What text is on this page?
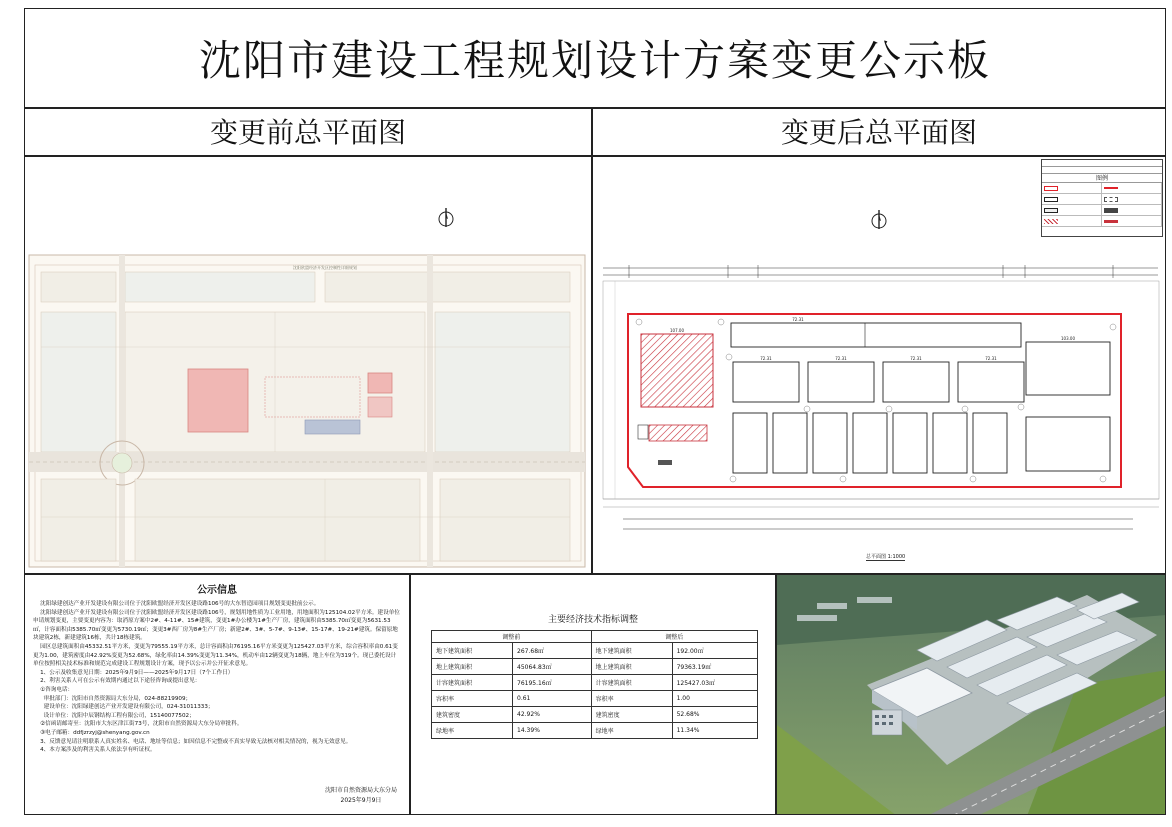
沈阳市建设工程规划设计方案变更公示板
变更前总平面图	变更后总平面图
沈阳欧盟经济开发区控制性详细规划
图例
107.00
72.31	72.31	72.31	72.31
72.31
103.00
总平面图 1:1000
公示信息

沈阳绿建创达产业开发建设有限公司位于沈阳欧盟经济开发区建设路106号的大东智造园项目规划变更批前公示。
沈阳绿建创达产业开发建设有限公司位于沈阳欧盟经济开发区建设路106号，规划用地性质为工业用地，用地面积为125104.02平方米。建设单位申请规划变更，主要变更内容为：取消原方案中2#、4-11#、15#建筑，变更1#办公楼为1#生产厂房，建筑面积由5385.70㎡变更为5631.53㎡，计容面积由5385.70㎡变更为5730.19㎡；变更3#西厂房为8#生产厂房；新建2#、3#、5-7#、9-13#、15-17#、19-21#建筑。保留原地块建筑2栋，新建建筑16栋，共计18栋建筑。
园区总建筑面积由45332.51平方米，变更为79555.19平方米，总计容面积由76195.16平方米变更为125427.03平方米，综合容积率由0.61变更为1.00，建筑密度由42.92%变更为52.68%，绿化率由14.39%变更为11.34%，机动车由12辆变更为18辆，地上车位为319个。现已委托设计单位按照相关技术标准和规范完成建设工程规划设计方案，现予以公示并公开征求意见。
1、公示及收集意见日期：2025年9月9日——2025年9月17日（7个工作日）
2、利害关系人可在公示有效期内通过以下途径咨询或提出意见：
①咨询电话：
审批部门：沈阳市自然资源局大东分局，024-88219909；
建设单位：沈阳绿建创达产业开发建设有限公司，024-31011333；
设计单位：沈阳中辰钢结构工程有限公司，15140077502；
②信函请邮寄至：沈阳市大东区津江街73号，沈阳市自然资源局大东分局审批科。
③电子邮箱：ddfjzrzyj@shenyang.gov.cn
3、反馈意见请注明联系人真实姓名、电话、地址等信息；如因信息不完整或不真实导致无法核对相关情况的，视为无效意见。
4、本方案涉及的利害关系人依法享有听证权。

沈阳市自然资源局大东分局
2025年9月9日
主要经济技术指标调整
调整前		调整后	
地下建筑面积	267.68㎡	地下建筑面积	192.00㎡
地上建筑面积	45064.83㎡	地上建筑面积	79363.19㎡
计容建筑面积	76195.16㎡	计容建筑面积	125427.03㎡
容积率	0.61	容积率	1.00
建筑密度	42.92%	建筑密度	52.68%
绿地率	14.39%	绿地率	11.34%
